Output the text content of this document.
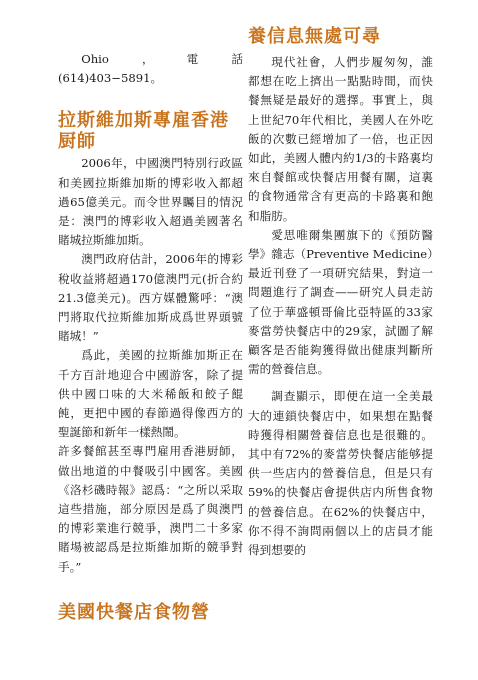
Ohio，電話(614)403−5891。

拉斯維加斯專雇香港厨師

2006年，中國澳門特別行政區和美國拉斯維加斯的博彩收入都超過65億美元。而令世界矚目的情況是：澳門的博彩收入超過美國著名賭城拉斯維加斯。

澳門政府估計，2006年的博彩稅收益將超過170億澳門元(折合約21.3億美元)。西方媒體驚呼：“澳門將取代拉斯維加斯成爲世界頭號賭城！”

爲此，美國的拉斯維加斯正在千方百計地迎合中國游客，除了提供中國口味的大米稀飯和餃子餛飩，更把中國的春節過得像西方的聖誕節和新年一樣熱鬧。

許多餐館甚至專門雇用香港厨師，做出地道的中餐吸引中國客。美國《洛杉磯時報》認爲：“之所以采取這些措施，部分原因是爲了與澳門的博彩業進行競爭，澳門二十多家賭場被認爲是拉斯維加斯的競爭對手。”

美國快餐店食物營
養信息無處可尋

現代社會，人們步履匆匆，誰都想在吃上擠出一點點時間，而快餐無疑是最好的選擇。事實上，與上世紀70年代相比，美國人在外吃飯的次數已經增加了一倍，也正因如此，美國人體内約1/3的卡路裏均來自餐館或快餐店用餐有關，這裏的食物通常含有更高的卡路裏和飽和脂肪。

愛思唯爾集團旗下的《預防醫學》雜志（Preventive Medicine）最近刊登了一項研究結果，對這一問題進行了調查——研究人員走訪了位于華盛頓哥倫比亞特區的33家麥當勞快餐店中的29家，試圖了解顧客是否能夠獲得做出健康判斷所需的營養信息。

調查顯示，即便在這一全美最大的連鎖快餐店中，如果想在點餐時獲得相關營養信息也是很難的。其中有72%的麥當勞快餐店能够提供一些店内的營養信息，但是只有59%的快餐店會提供店内所售食物的營養信息。在62%的快餐店中，你不得不詢問兩個以上的店員才能得到想要的
